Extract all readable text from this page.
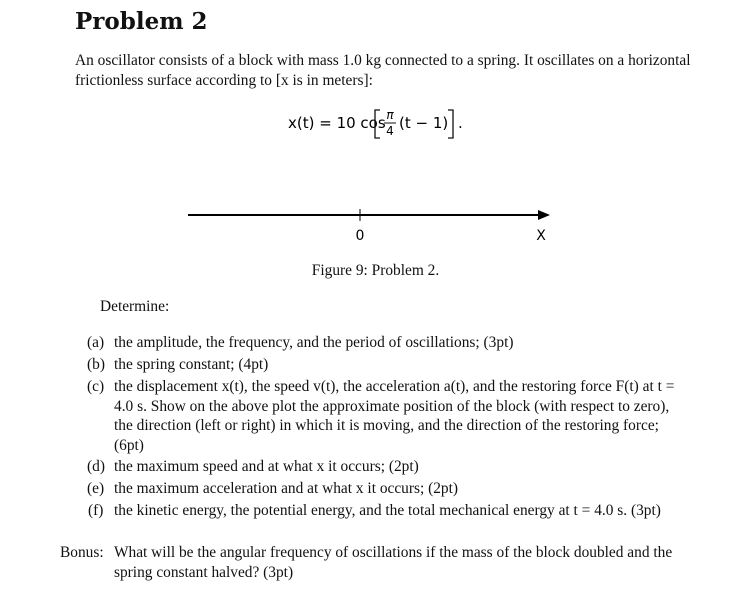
Problem 2
An oscillator consists of a block with mass 1.0 kg connected to a spring. It oscillates on a horizontal frictionless surface according to [x is in meters]:
x(t) = 10 cos π
4 (t − 1) .
0	X
Figure 9: Problem 2.
Determine:
(a) the amplitude, the frequency, and the period of oscillations; (3pt)
(b) the spring constant; (4pt)
(c) the displacement x(t), the speed v(t), the acceleration a(t), and the restoring force F(t) at t = 4.0 s. Show on the above plot the approximate position of the block (with respect to zero), the direction (left or right) in which it is moving, and the direction of the restoring force; (6pt)
(d) the maximum speed and at what x it occurs; (2pt)
(e) the maximum acceleration and at what x it occurs; (2pt)
(f) the kinetic energy, the potential energy, and the total mechanical energy at t = 4.0 s. (3pt)
Bonus: What will be the angular frequency of oscillations if the mass of the block doubled and the spring constant halved? (3pt)
